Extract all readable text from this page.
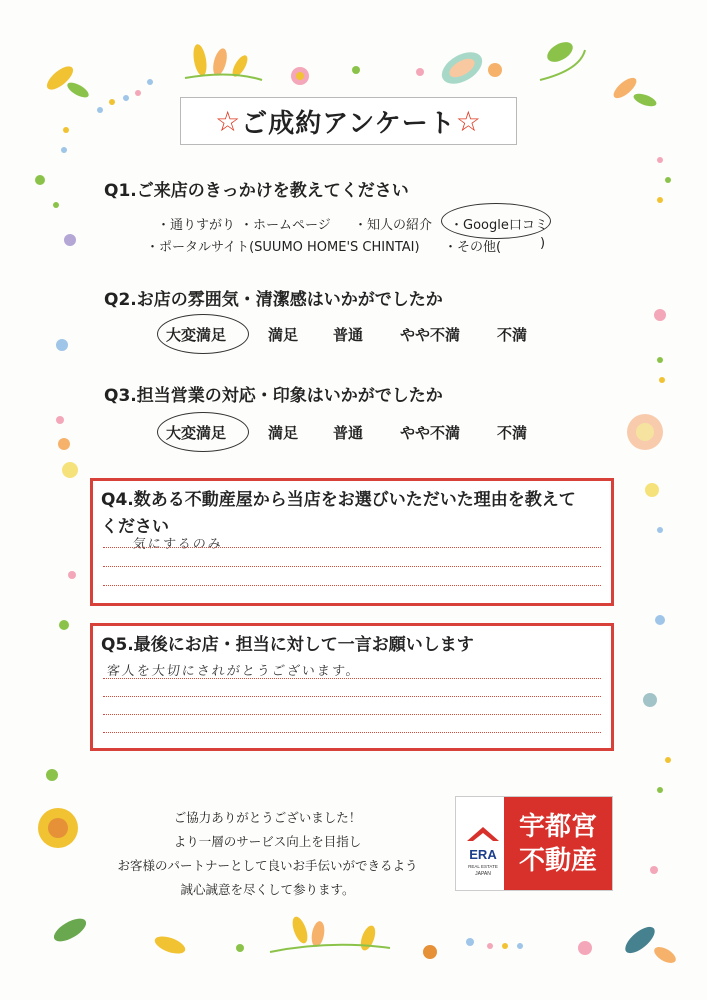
☆ ご成約アンケート ☆
Q1.ご来店のきっかけを教えてください
・通りすがり ・ホームページ ・知人の紹介 ・Google口コミ
・ポータルサイト(SUUMO HOME'S CHINTAI) ・その他(	)
Q2.お店の雰囲気・清潔感はいかがでしたか
大変満足	満足 普通 やや不満 不満
Q3.担当営業の対応・印象はいかがでしたか
大変満足	満足 普通 やや不満 不満
Q4.数ある不動産屋から当店をお選びいただいた理由を教えて
ください
気にするのみ
Q5.最後にお店・担当に対して一言お願いします
客人を大切にされがとうございます。
ご協力ありがとうございました！
より一層のサービス向上を目指し
お客様のパートナーとして良いお手伝いができるよう
誠心誠意を尽くして参ります。
ERA
REAL ESTATE
JAPAN
宇都宮
不動産
